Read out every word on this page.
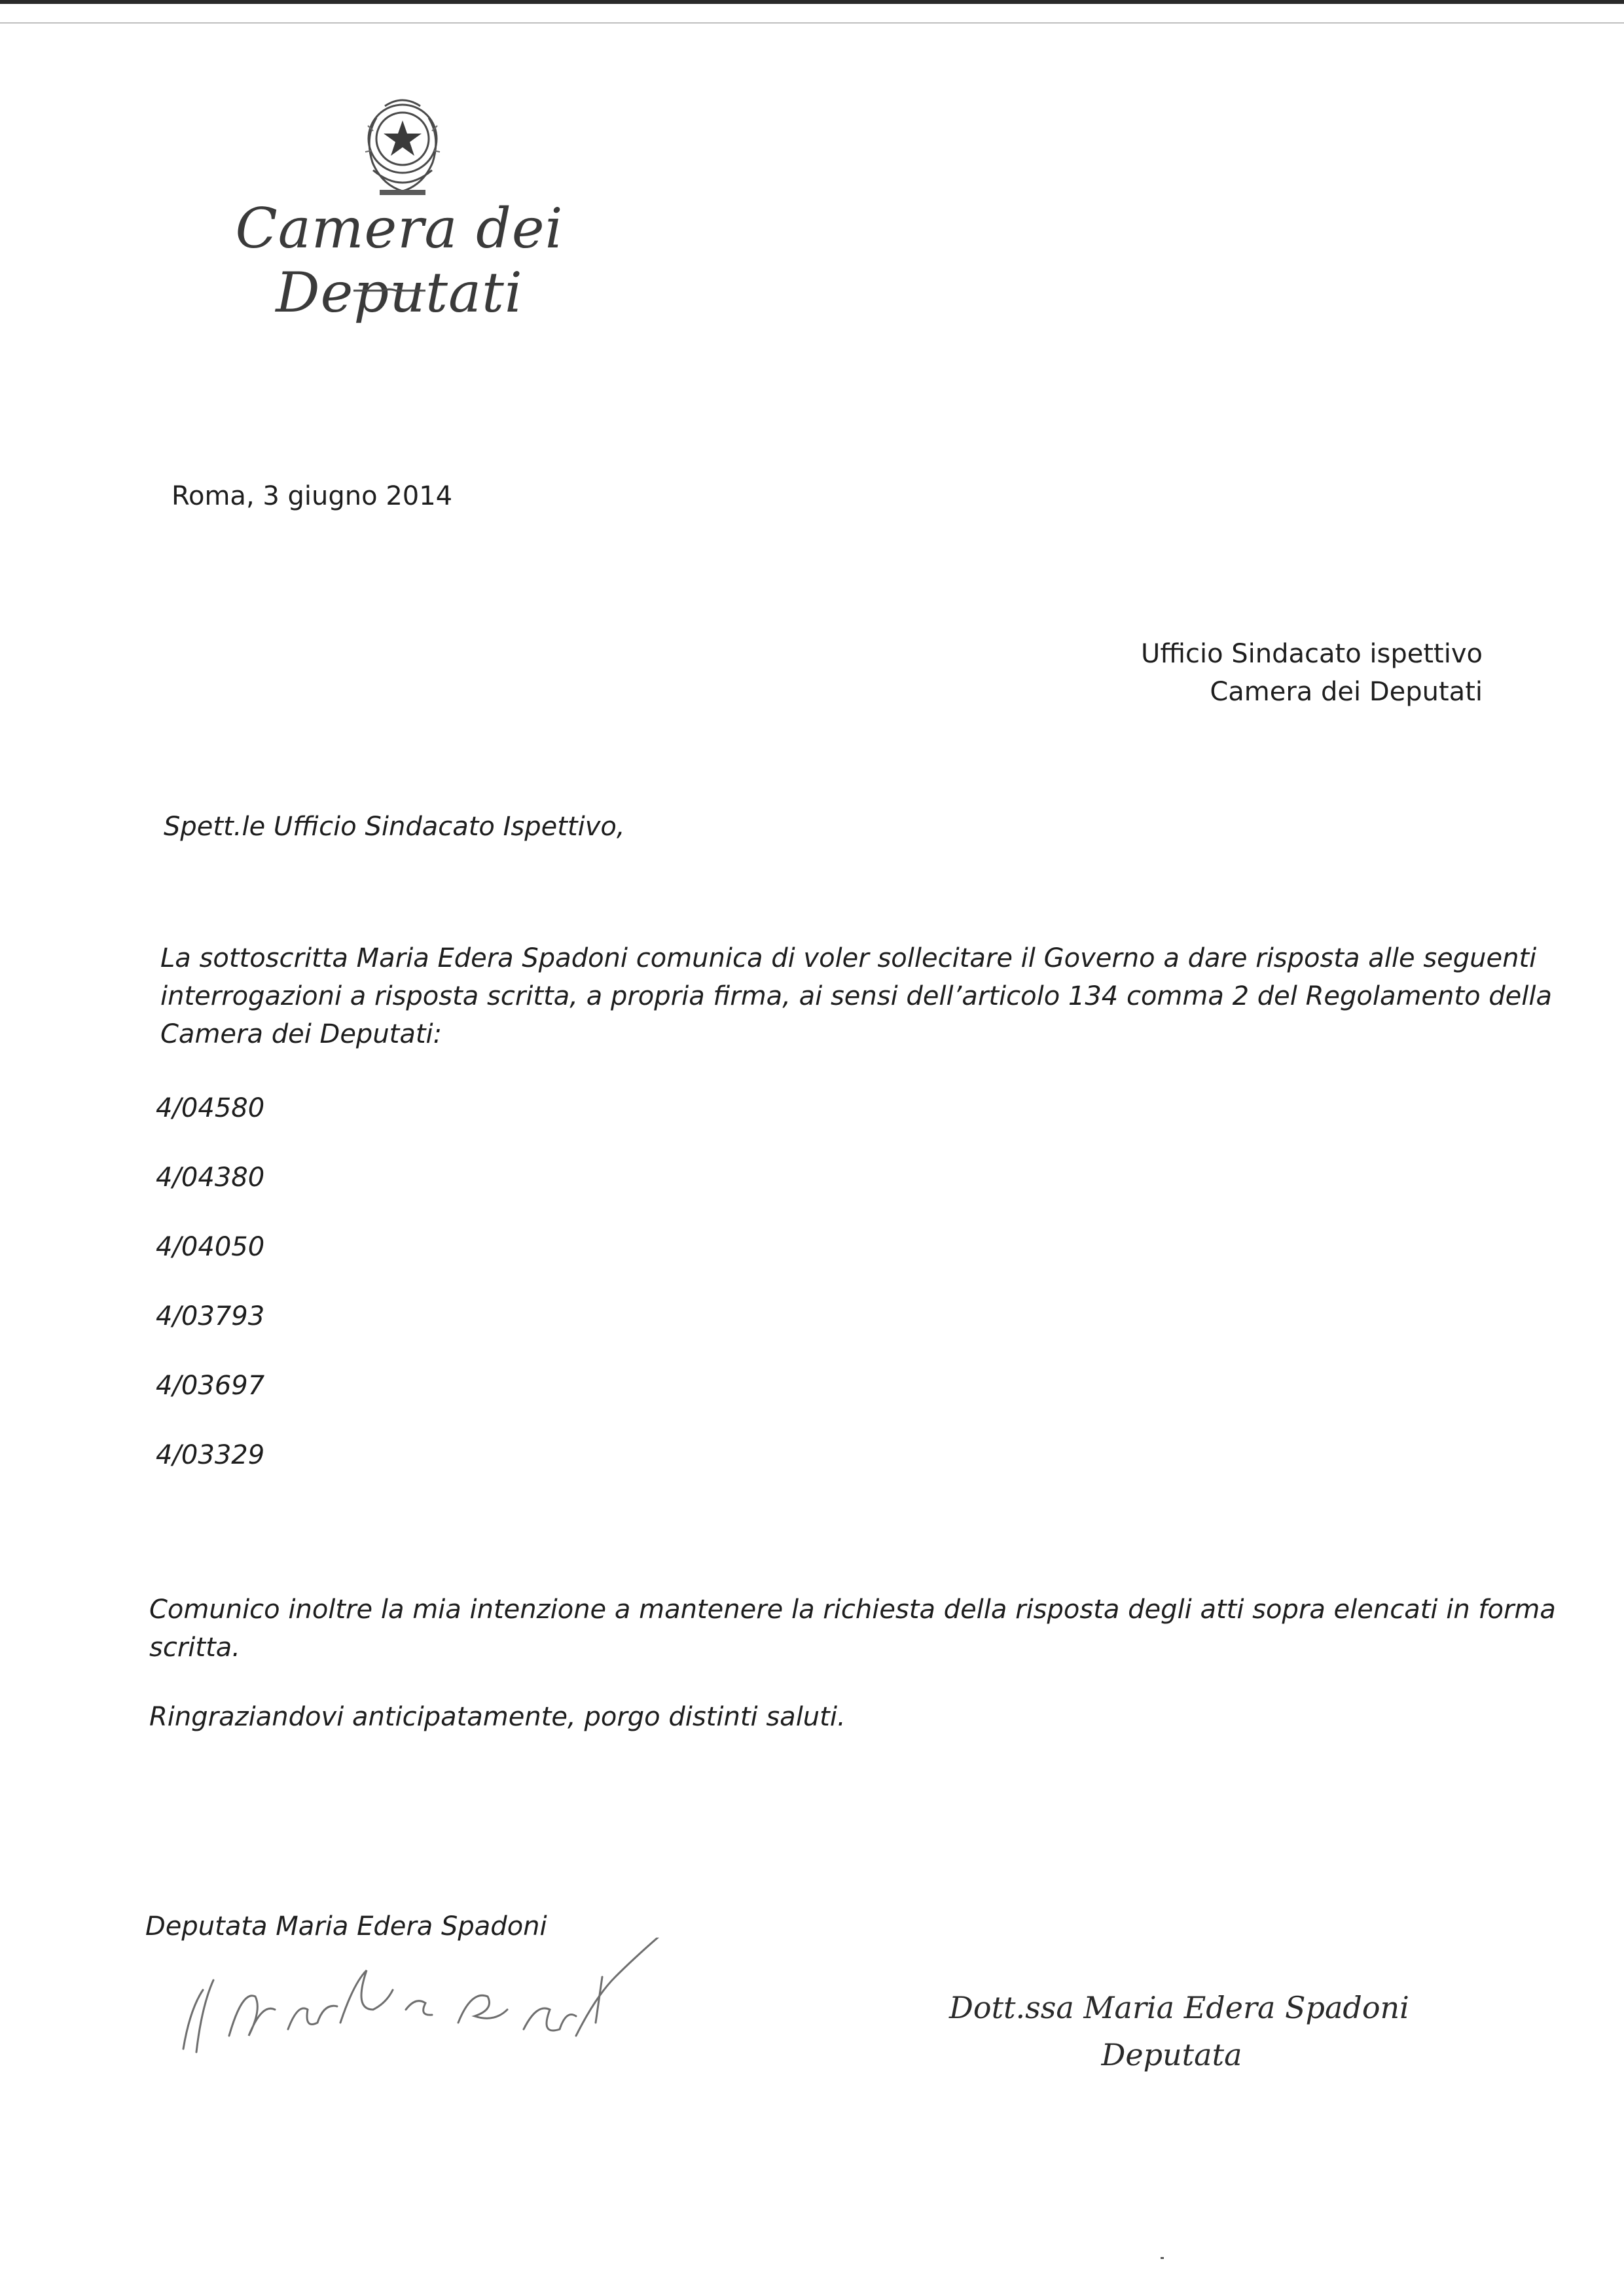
Camera dei Deputati
Roma, 3 giugno 2014
Ufficio Sindacato ispettivo
Camera dei Deputati
Spett.le Ufficio Sindacato Ispettivo,
La sottoscritta Maria Edera Spadoni comunica di voler sollecitare il Governo a dare risposta alle seguenti
interrogazioni a risposta scritta, a propria firma, ai sensi dell’articolo 134 comma 2 del Regolamento della
Camera dei Deputati:
4/04580
4/04380
4/04050
4/03793
4/03697
4/03329
Comunico inoltre la mia intenzione a mantenere la richiesta della risposta degli atti sopra elencati in forma
scritta.
Ringraziandovi anticipatamente, porgo distinti saluti.
Deputata Maria Edera Spadoni
Dott.ssa Maria Edera Spadoni
Deputata
